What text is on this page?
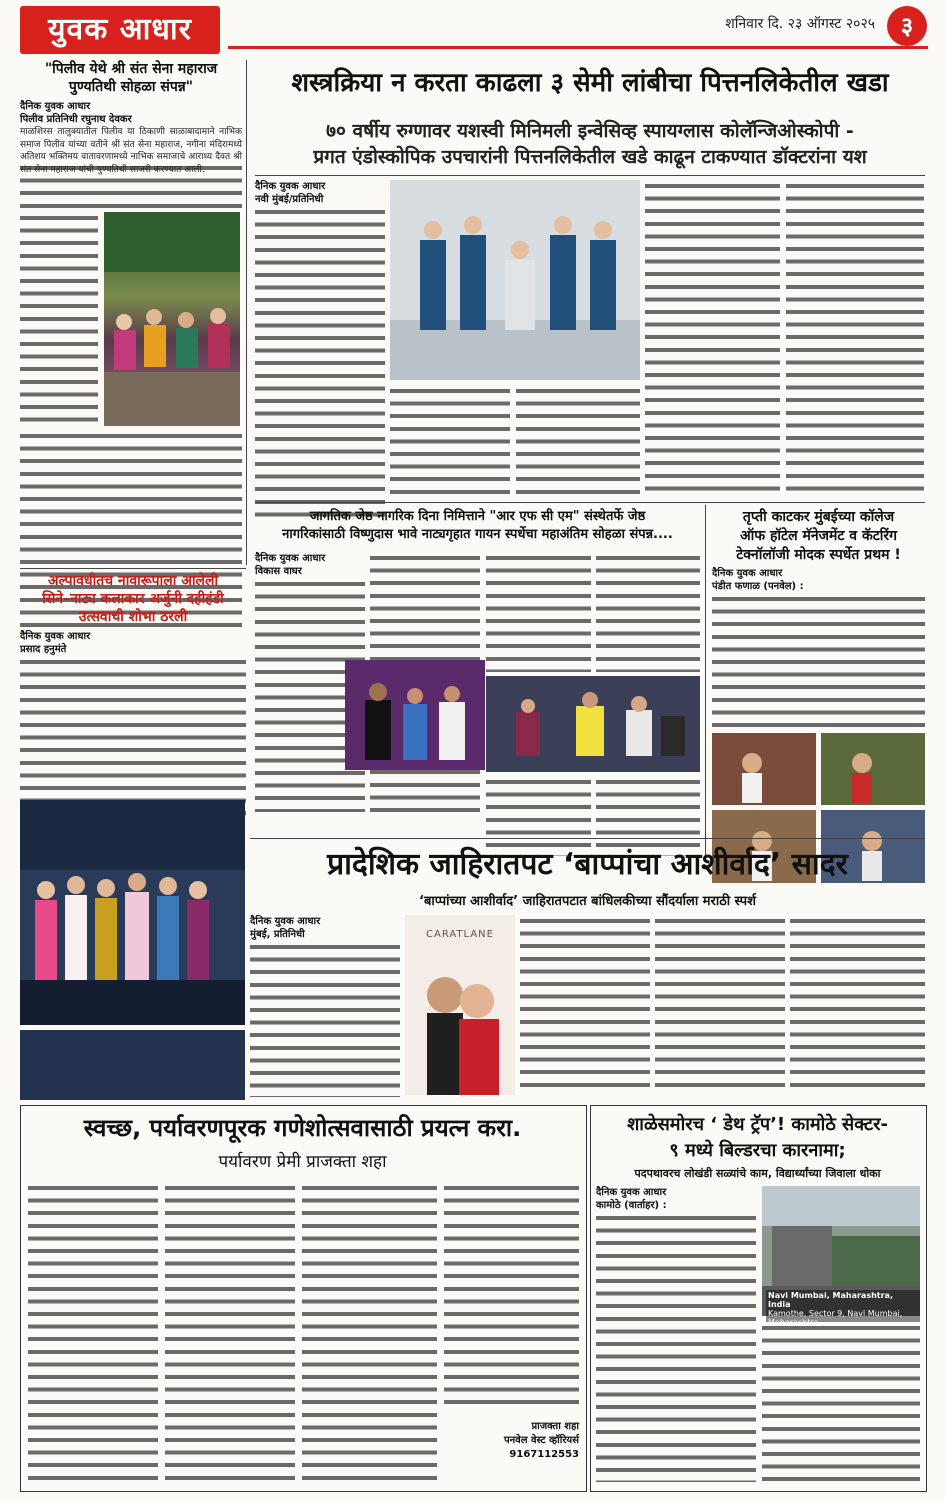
युवक आधार	शनिवार दि. २३ ऑगस्ट २०२५	३
"पिलीव येथे श्री संत सेना महाराज
पुण्यतिथी सोहळा संपन्न"
दैनिक युवक आधार
पिलीव प्रतिनिधी रघुनाथ देवकर
माळशिरस तालुक्यातील पिलीव या ठिकाणी साळाबादामाने नाभिक समाज पिलीव यांच्या वतीने श्री संत सेना महाराज, नगीना मंदिरामध्ये अतिशय भक्तिमय वातावरणामध्ये नाभिक समाजाचे आराध्य दैवत श्री संत सेना महाराज यांची पुण्यतिथी साजरी करण्यात आली.
शस्त्रक्रिया न करता काढला ३ सेमी लांबीचा पित्तनलिकेतील खडा
७० वर्षीय रुग्णावर यशस्वी मिनिमली इन्वेसिव्ह स्पायग्लास कोलॅन्जिओस्कोपी -
प्रगत एंडोस्कोपिक उपचारांनी पित्तनलिकेतील खडे काढून टाकण्यात डॉक्टरांना यश
दैनिक युवक आधार
नवी मुंबई/प्रतिनिधी
अल्पावधीतच नावारूपाला आलेली
सिने–नाट्य कलाकार अर्जुनी दहीहंडी
उत्सवाची शोभा ठरली
दैनिक युवक आधार
प्रसाद हनुमंते
जागतिक जेष्ठ नागरिक दिना निमित्ताने "आर एफ सी एम" संस्थेतर्फे जेष्ठ
नागरिकांसाठी विष्णुदास भावे नाट्यगृहात गायन स्पर्धेचा महाअंतिम सोहळा संपन्न....
दैनिक युवक आधार
विकास वाघर
तृप्ती काटकर मुंबईच्या कॉलेज
ऑफ हॉटेल मॅनेजमेंट व कॅटरिंग
टेक्नॉलॉजी मोदक स्पर्धेत प्रथम !
दैनिक युवक आधार
पंडीत फणाळ (पनवेल) :
प्रादेशिक जाहिरातपट ‘बाप्पांचा आशीर्वाद’ सादर
‘बाप्पांच्या आशीर्वाद’ जाहिरातपटात बांधिलकीच्या सौंदर्याला मराठी स्पर्श
दैनिक युवक आधार
मुंबई, प्रतिनिधी	CARATLANE
स्वच्छ, पर्यावरणपूरक गणेशोत्सवासाठी प्रयत्न करा.
पर्यावरण प्रेमी प्राजक्ता शहा
प्राजक्ता शहा
पनवेल वेस्ट व्हॉरियर्स
9167112553
शाळेसमोरच ‘ डेथ ट्रॅप’! कामोठे सेक्टर-
९ मध्ये बिल्डरचा कारनामा;
पदपथावरच लोखंडी सळ्यांचे काम, विद्यार्थ्यांच्या जिवाला धोका
दैनिक युवक आधार
कामोठे (वार्ताहर) :
Navi Mumbai, Maharashtra, India
Kamothe, Sector 9, Navi Mumbai,
